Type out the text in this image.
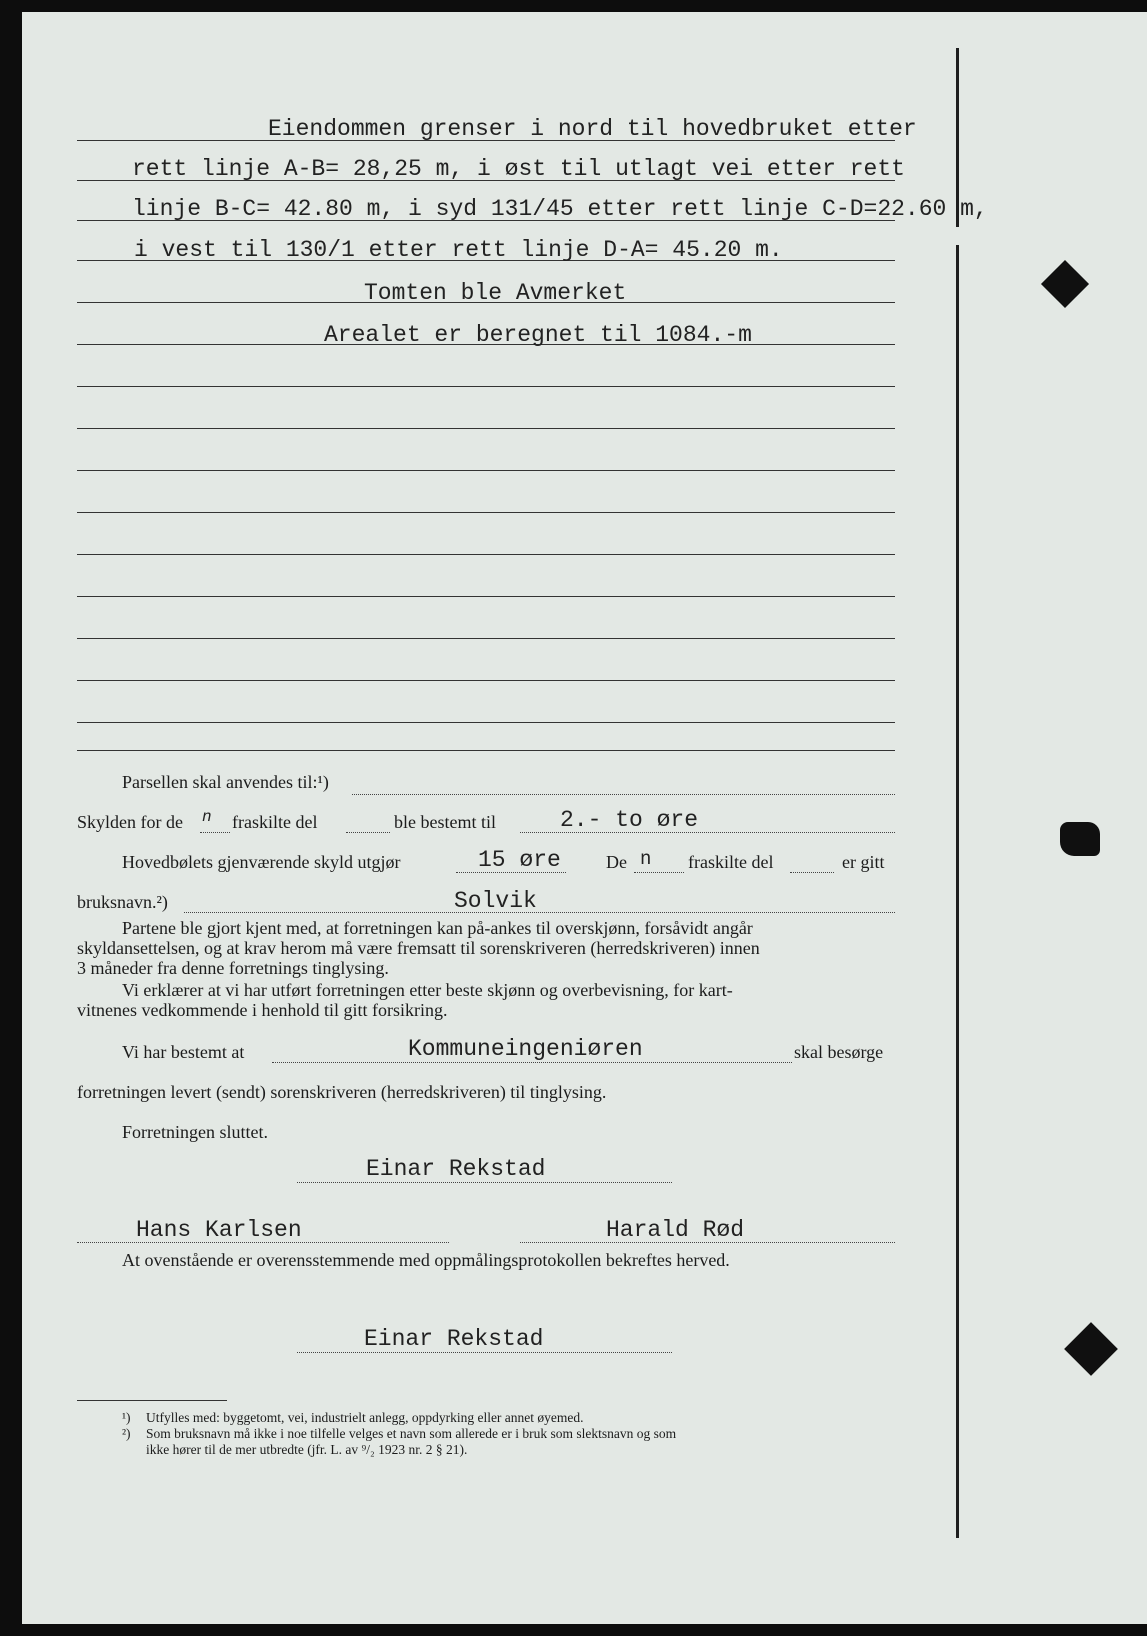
Eiendommen grenser i nord til hovedbruket etter
rett linje A-B= 28,25 m, i øst til utlagt vei etter rett
linje B-C= 42.80 m, i syd 131/45 etter rett linje C-D=22.60 m,
i vest til 130/1 etter rett linje D-A= 45.20 m.
Tomten ble Avmerket
Arealet er beregnet til 1084.-m
Parsellen skal anvendes til:¹)
Skylden for de n fraskilte del	ble bestemt til	2.- to øre
Hovedbølets gjenværende skyld utgjør	15 øre	De n fraskilte del	er gitt
bruksnavn.²)	Solvik
Partene ble gjort kjent med, at forretningen kan på-ankes til overskjønn, forsåvidt angår
skyldansettelsen, og at krav herom må være fremsatt til sorenskriveren (herredskriveren) innen
3 måneder fra denne forretnings tinglysing.
Vi erklærer at vi har utført forretningen etter beste skjønn og overbevisning, for kart-
vitnenes vedkommende i henhold til gitt forsikring.
Vi har bestemt at	Kommuneingeniøren	skal besørge
forretningen levert (sendt) sorenskriveren (herredskriveren) til tinglysing.
Forretningen sluttet.
Einar Rekstad
Hans Karlsen	Harald Rød
At ovenstående er overensstemmende med oppmålingsprotokollen bekreftes herved.
Einar Rekstad
¹) Utfylles med: byggetomt, vei, industrielt anlegg, oppdyrking eller annet øyemed.
²) Som bruksnavn må ikke i noe tilfelle velges et navn som allerede er i bruk som slektsnavn og som
ikke hører til de mer utbredte (jfr. L. av ⁹/₂ 1923 nr. 2 § 21).
